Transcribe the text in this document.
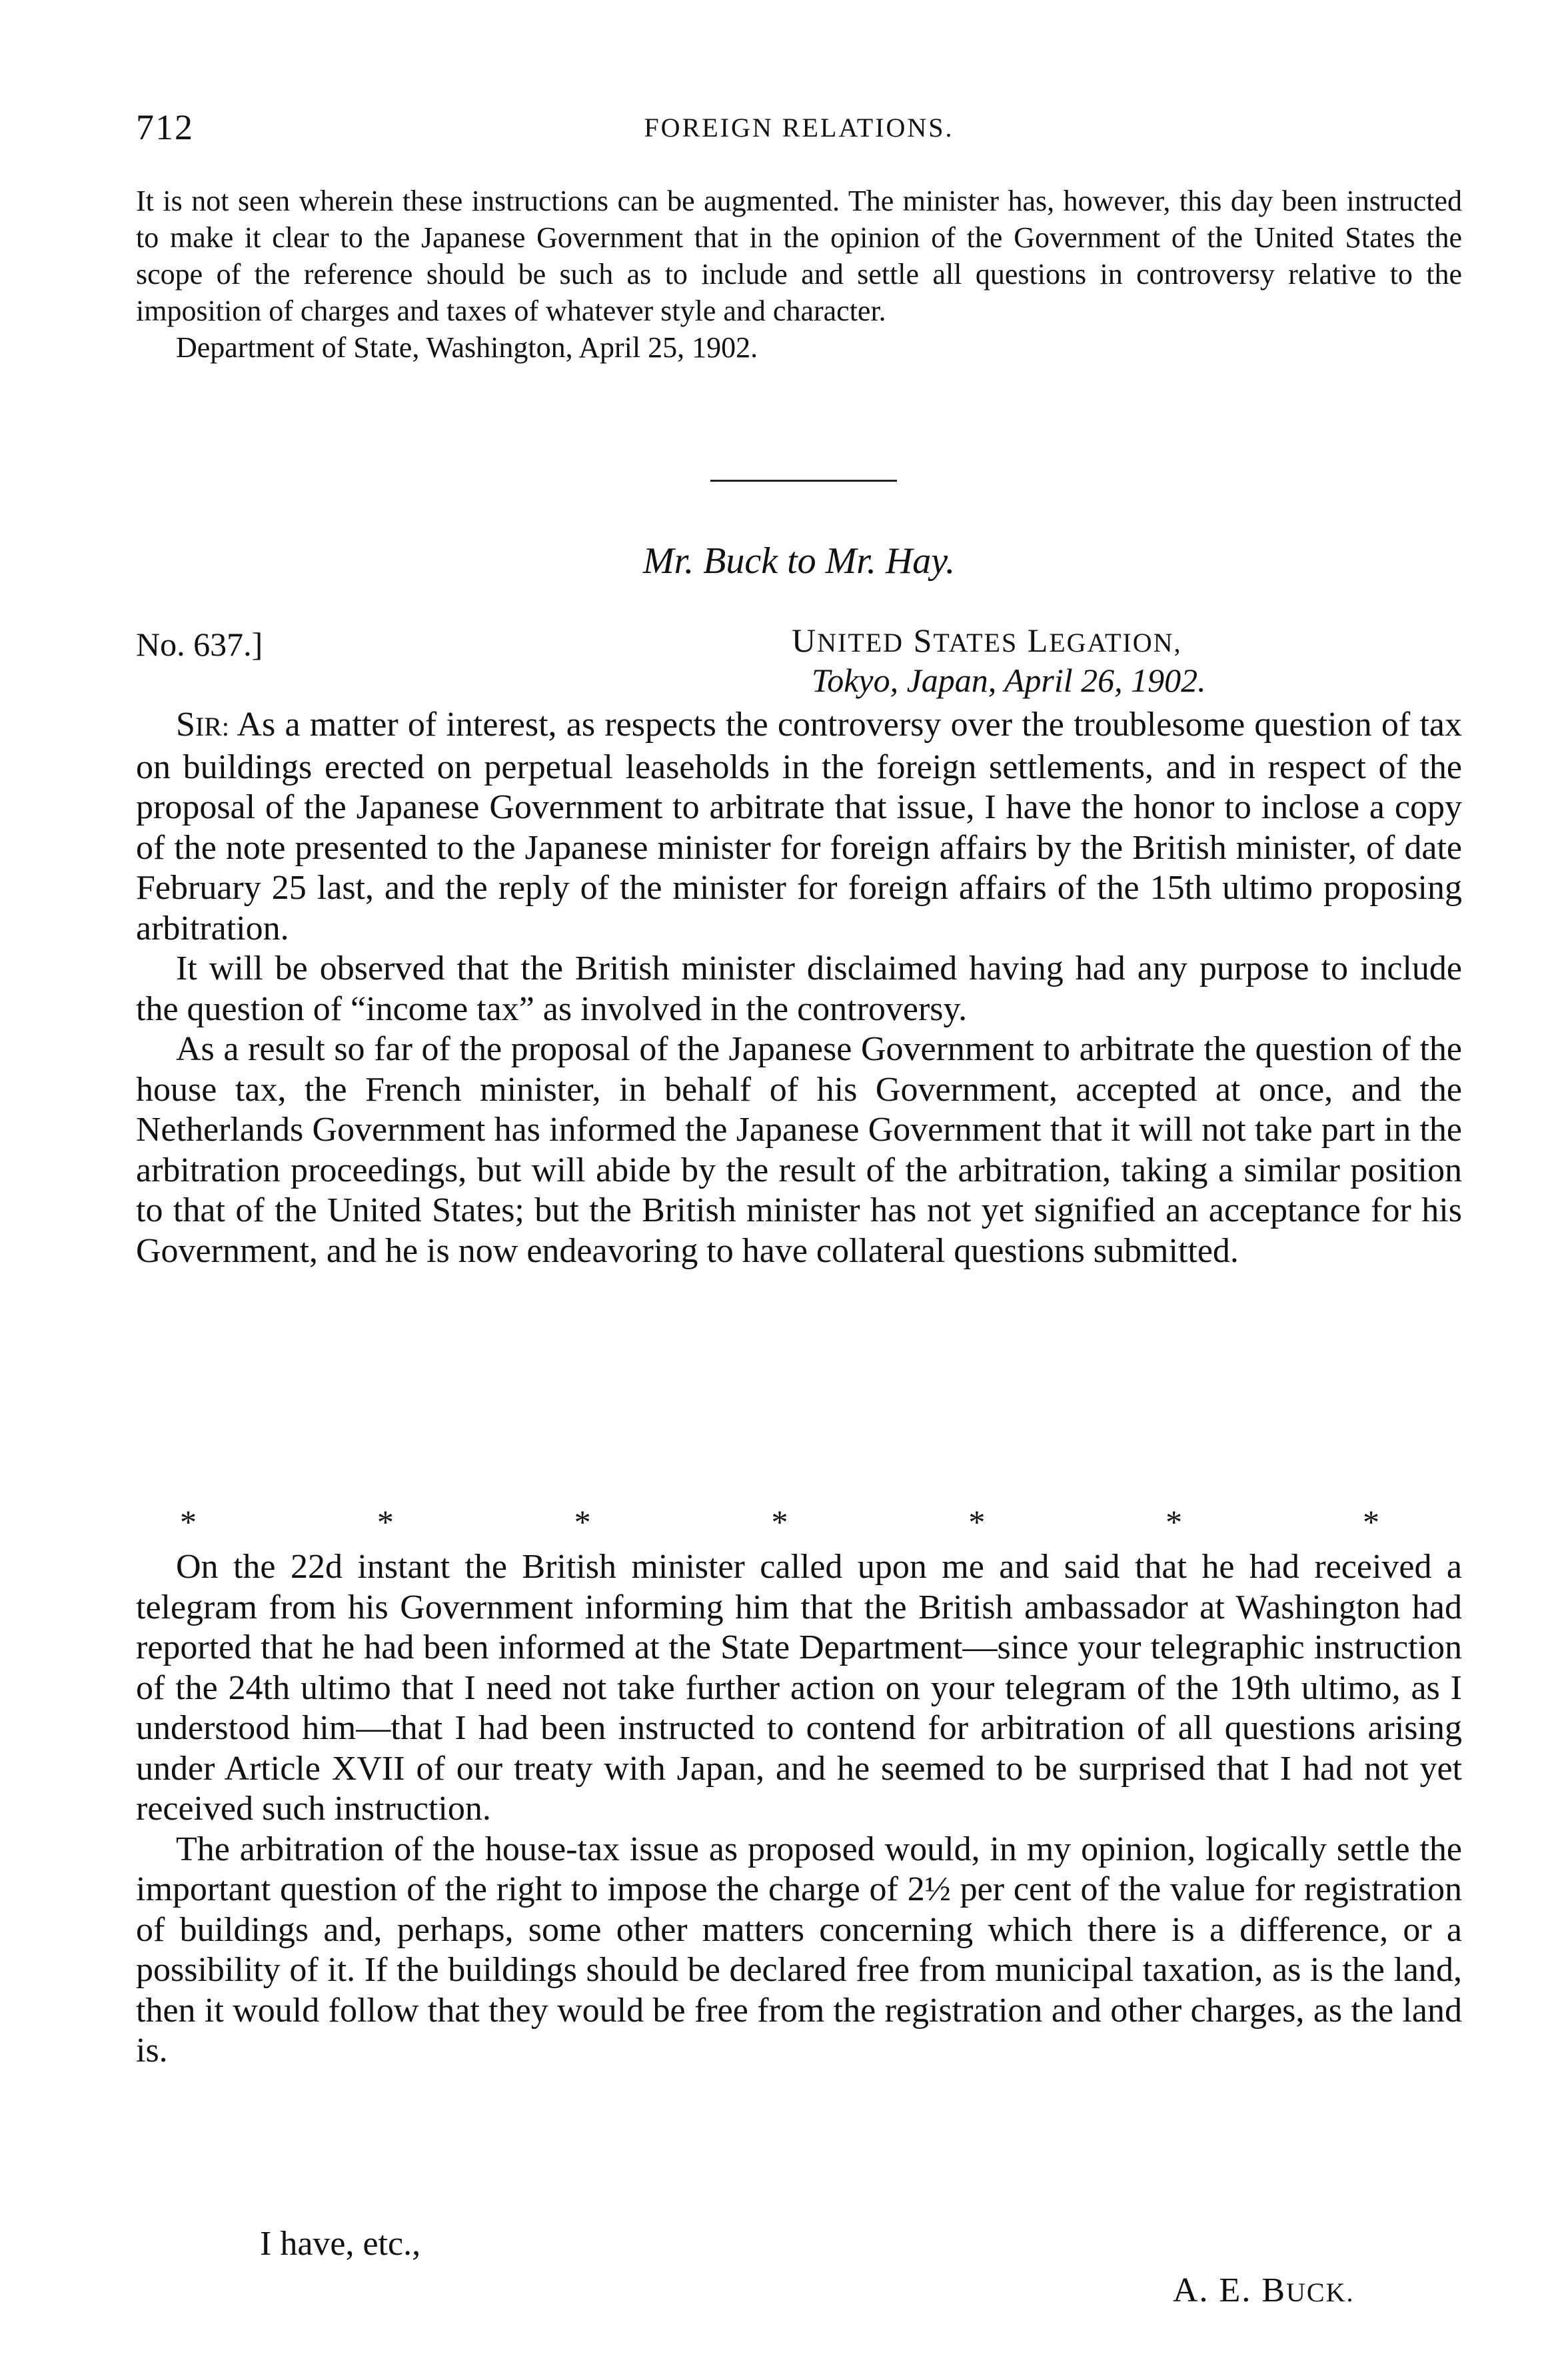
712	FOREIGN RELATIONS.

It is not seen wherein these instructions can be augmented. The minister has, however, this day been instructed to make it clear to the Japanese Government that in the opinion of the Government of the United States the scope of the reference should be such as to include and settle all questions in controversy relative to the imposition of charges and taxes of whatever style and character.

Department of State, Washington, April 25, 1902.

Mr. Buck to Mr. Hay.
No. 637.]	UNITED STATES LEGATION,
Tokyo, Japan, April 26, 1902.

SIR: As a matter of interest, as respects the controversy over the troublesome question of tax on buildings erected on perpetual leaseholds in the foreign settlements, and in respect of the proposal of the Japanese Government to arbitrate that issue, I have the honor to inclose a copy of the note presented to the Japanese minister for foreign affairs by the British minister, of date February 25 last, and the reply of the minister for foreign affairs of the 15th ultimo proposing arbitration.

It will be observed that the British minister disclaimed having had any purpose to include the question of “income tax” as involved in the controversy.

As a result so far of the proposal of the Japanese Government to arbitrate the question of the house tax, the French minister, in behalf of his Government, accepted at once, and the Netherlands Government has informed the Japanese Government that it will not take part in the arbitration proceedings, but will abide by the result of the arbitration, taking a similar position to that of the United States; but the British minister has not yet signified an acceptance for his Government, and he is now endeavoring to have collateral questions submitted.

*	*	*	*	*	*	*

On the 22d instant the British minister called upon me and said that he had received a telegram from his Government informing him that the British ambassador at Washington had reported that he had been informed at the State Department—since your telegraphic instruction of the 24th ultimo that I need not take further action on your telegram of the 19th ultimo, as I understood him—that I had been instructed to contend for arbitration of all questions arising under Article XVII of our treaty with Japan, and he seemed to be surprised that I had not yet received such instruction.

The arbitration of the house-tax issue as proposed would, in my opinion, logically settle the important question of the right to impose the charge of 2½ per cent of the value for registration of buildings and, perhaps, some other matters concerning which there is a difference, or a possibility of it. If the buildings should be declared free from municipal taxation, as is the land, then it would follow that they would be free from the registration and other charges, as the land is.

I have, etc.,
A. E. BUCK.
